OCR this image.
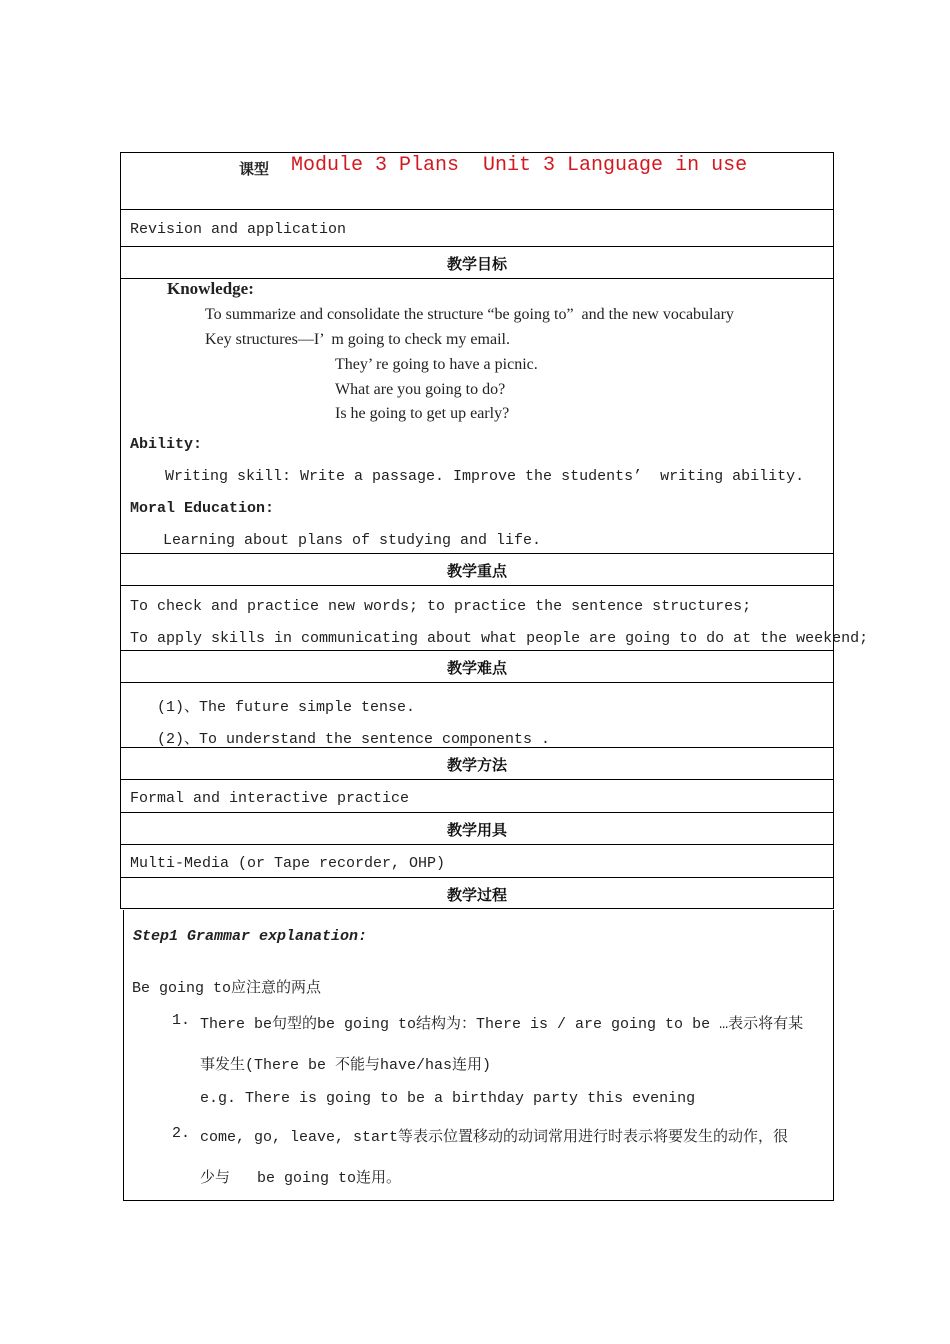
课型 Module 3 Plans  Unit 3 Language in use
Revision and application
教学目标
Knowledge:
To summarize and consolidate the structure “be going to”  and the new vocabulary
Key structures—I’  m going to check my email.
They’ re going to have a picnic.
What are you going to do?
Is he going to get up early?
Ability:
Writing skill: Write a passage. Improve the students’  writing ability.
Moral Education:
Learning about plans of studying and life.
教学重点
To check and practice new words; to practice the sentence structures;
To apply skills in communicating about what people are going to do at the weekend;
教学难点
(1)、The future simple tense.
(2)、To understand the sentence components .
教学方法
Formal and interactive practice
教学用具
Multi-Media (or Tape recorder, OHP)
教学过程
Step1 Grammar explanation:
Be going to应注意的两点
1. There be句型的be going to结构为：There is / are going to be …表示将有某
事发生(There be 不能与have/has连用)
e.g. There is going to be a birthday party this evening
2. come, go, leave, start等表示位置移动的动词常用进行时表示将要发生的动作，很
少与   be going to连用。
